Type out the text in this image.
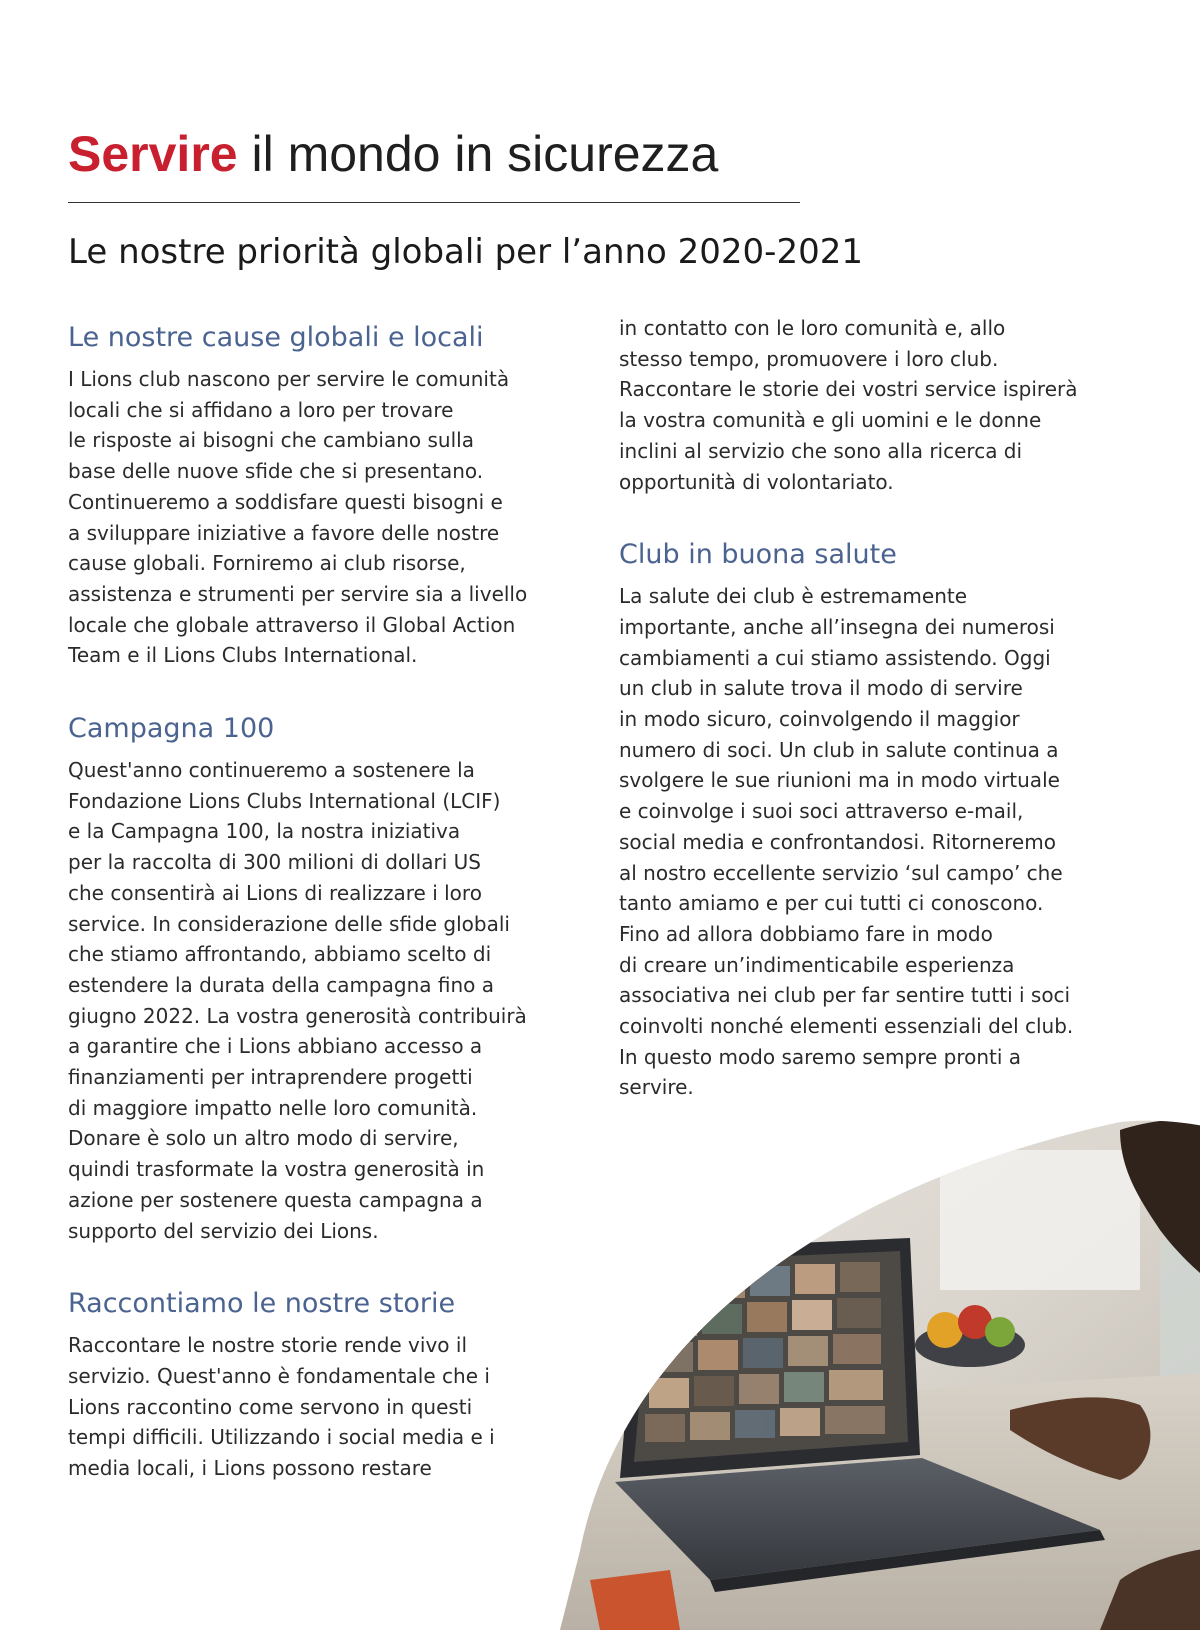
Servire il mondo in sicurezza
Le nostre priorità globali per l’anno 2020-2021
Le nostre cause globali e locali
I Lions club nascono per servire le comunità
locali che si affidano a loro per trovare
le risposte ai bisogni che cambiano sulla
base delle nuove sfide che si presentano.
Continueremo a soddisfare questi bisogni e
a sviluppare iniziative a favore delle nostre
cause globali. Forniremo ai club risorse,
assistenza e strumenti per servire sia a livello
locale che globale attraverso il Global Action
Team e il Lions Clubs International.
Campagna 100
Quest'anno continueremo a sostenere la
Fondazione Lions Clubs International (LCIF)
e la Campagna 100, la nostra iniziativa
per la raccolta di 300 milioni di dollari US
che consentirà ai Lions di realizzare i loro
service. In considerazione delle sfide globali
che stiamo affrontando, abbiamo scelto di
estendere la durata della campagna fino a
giugno 2022. La vostra generosità contribuirà
a garantire che i Lions abbiano accesso a
finanziamenti per intraprendere progetti
di maggiore impatto nelle loro comunità.
Donare è solo un altro modo di servire,
quindi trasformate la vostra generosità in
azione per sostenere questa campagna a
supporto del servizio dei Lions.
Raccontiamo le nostre storie
Raccontare le nostre storie rende vivo il
servizio. Quest'anno è fondamentale che i
Lions raccontino come servono in questi
tempi difficili. Utilizzando i social media e i
media locali, i Lions possono restare
in contatto con le loro comunità e, allo
stesso tempo, promuovere i loro club.
Raccontare le storie dei vostri service ispirerà
la vostra comunità e gli uomini e le donne
inclini al servizio che sono alla ricerca di
opportunità di volontariato.
Club in buona salute
La salute dei club è estremamente
importante, anche all’insegna dei numerosi
cambiamenti a cui stiamo assistendo. Oggi
un club in salute trova il modo di servire
in modo sicuro, coinvolgendo il maggior
numero di soci. Un club in salute continua a
svolgere le sue riunioni ma in modo virtuale
e coinvolge i suoi soci attraverso e-mail,
social media e confrontandosi. Ritorneremo
al nostro eccellente servizio ‘sul campo’ che
tanto amiamo e per cui tutti ci conoscono.
Fino ad allora dobbiamo fare in modo
di creare un’indimenticabile esperienza
associativa nei club per far sentire tutti i soci
coinvolti nonché elementi essenziali del club.
In questo modo saremo sempre pronti a
servire.
